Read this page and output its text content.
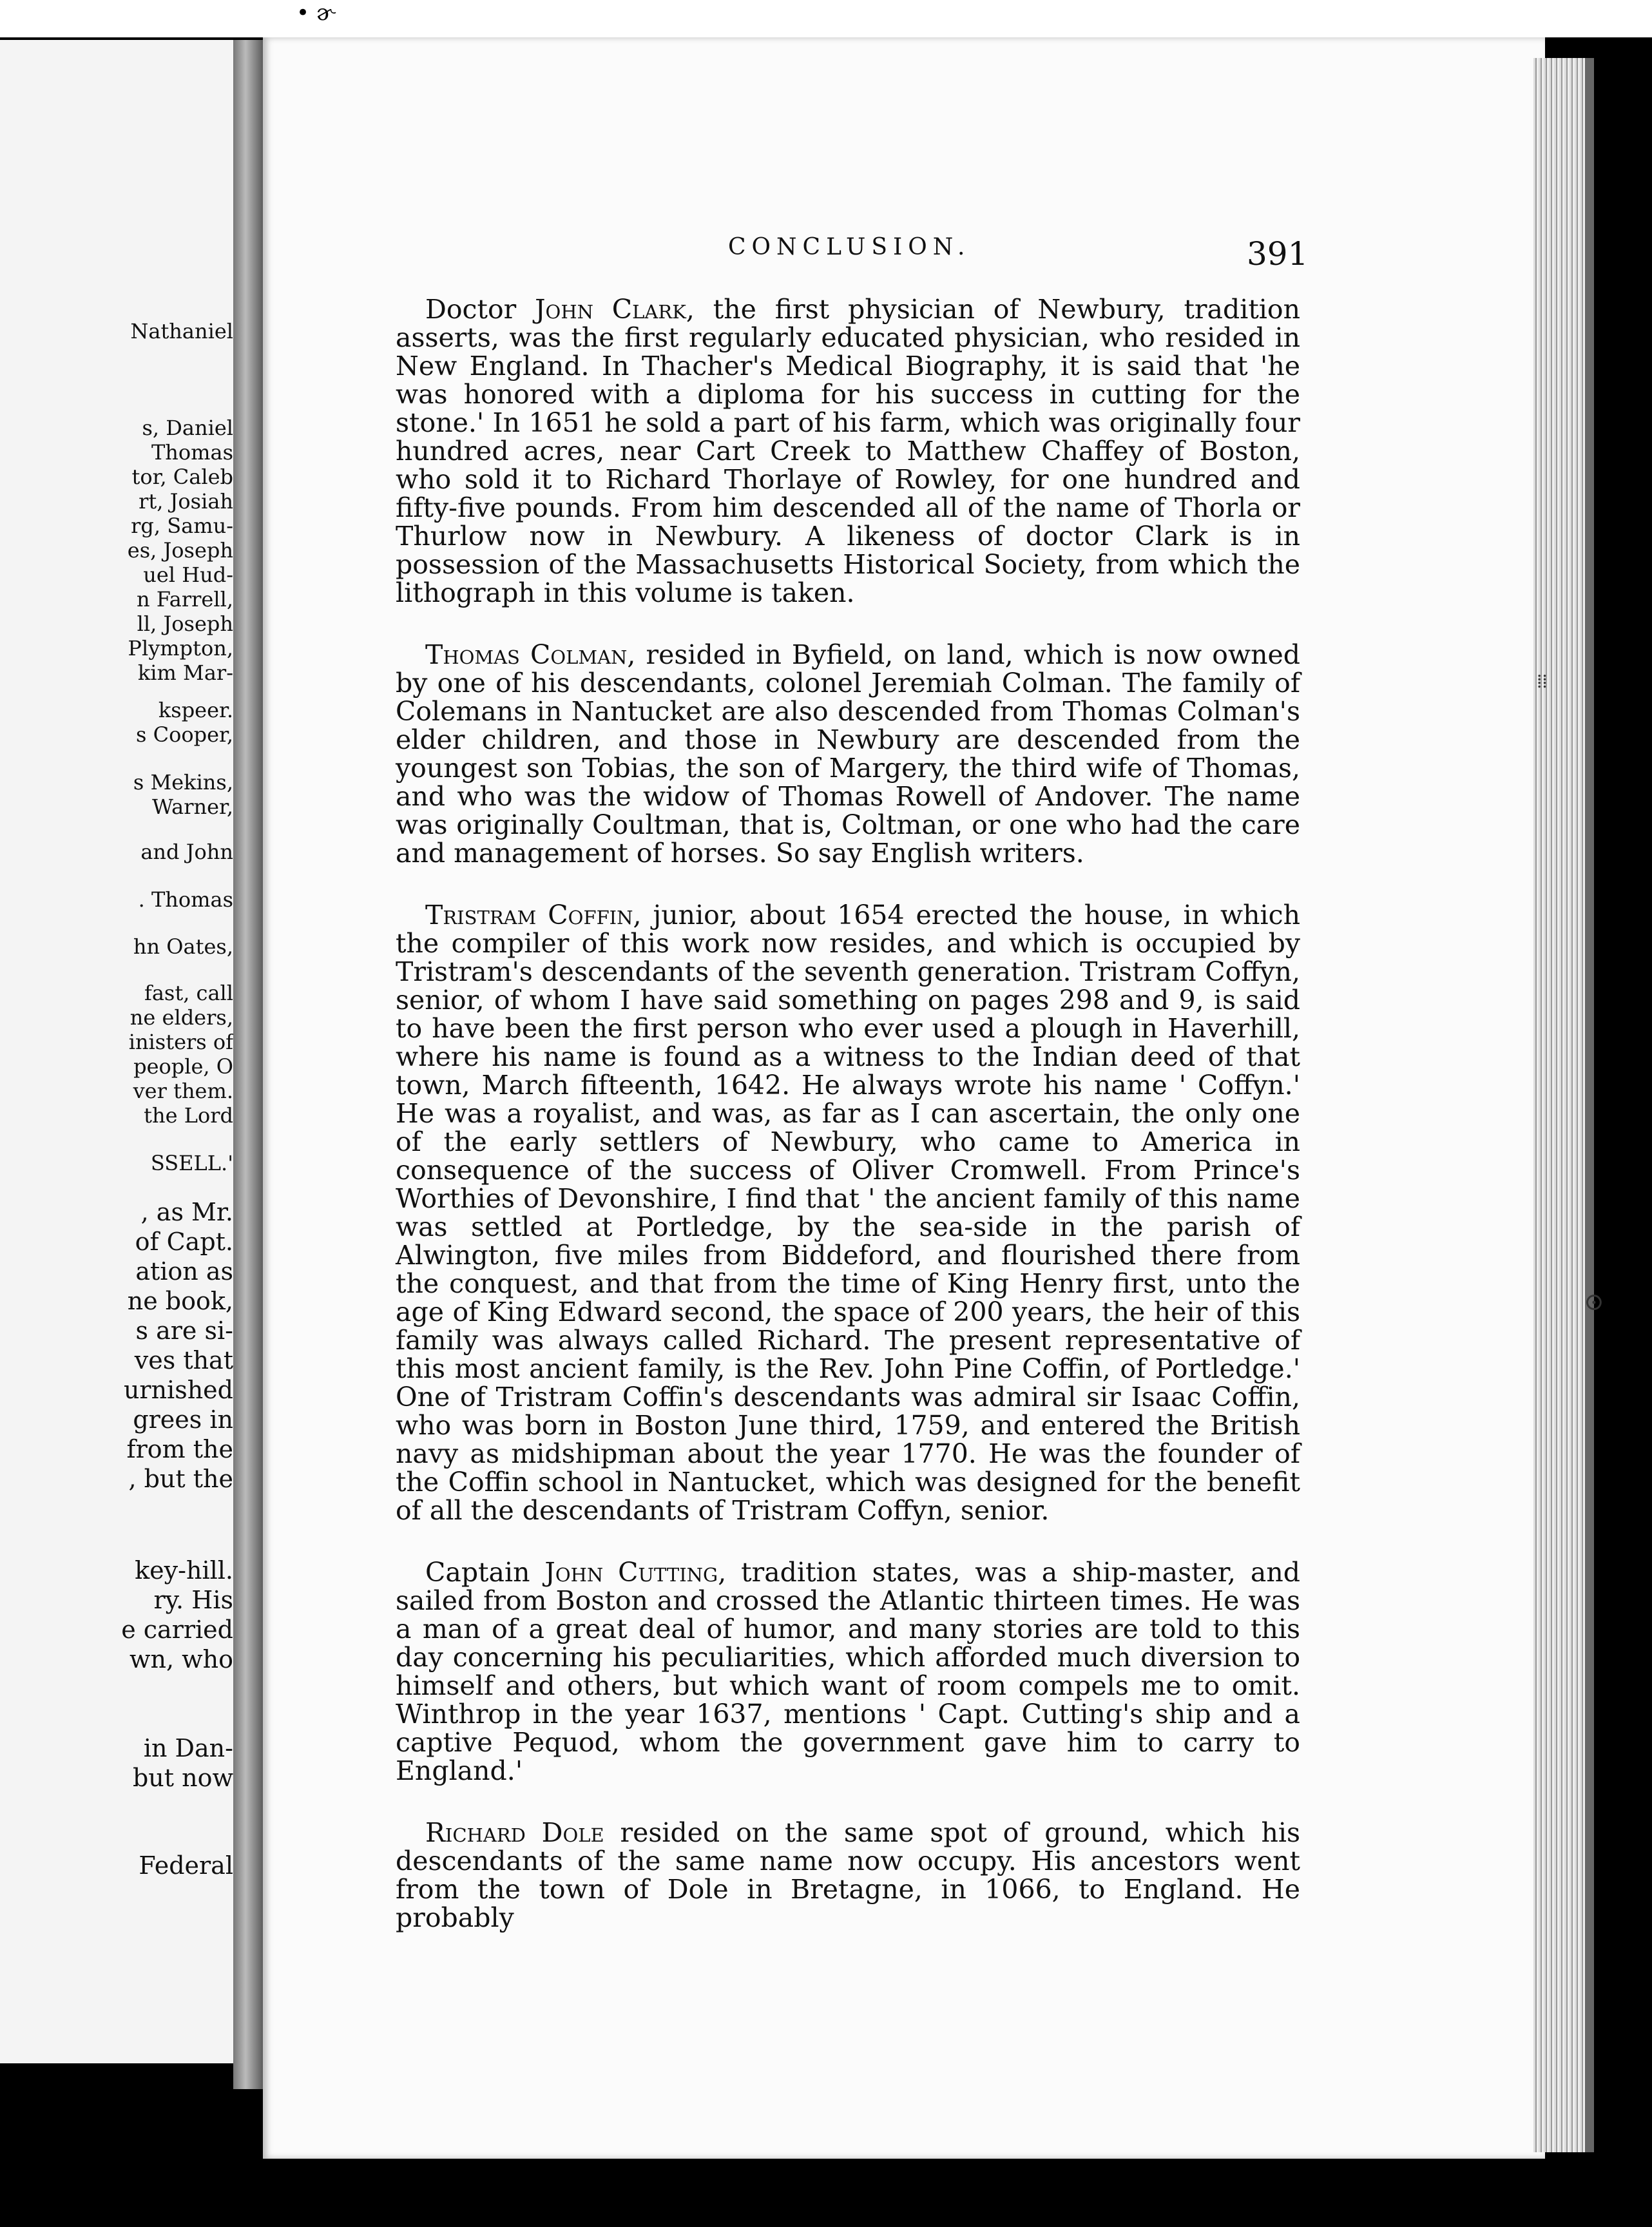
• ɚ
Nathaniel
s, Daniel
Thomas
tor, Caleb
rt, Josiah
rg, Samu-
es, Joseph
uel Hud-
n Farrell,
ll, Joseph
Plympton,
kim Mar-
kspeer.
s Cooper,
s Mekins,
Warner,
and John
. Thomas
hn Oates,
fast, call
ne elders,
inisters of
people, O
ver them.
the Lord
SSELL.'
, as Mr.
of Capt.
ation as
ne book,
s are si-
ves that
urnished
grees in
from the
, but the
key-hill.
ry. His
e carried
wn, who
in Dan-
but now
Federal
CONCLUSION.	391

Doctor John Clark, the first physician of Newbury, tradition asserts, was the first regularly educated physician, who resided in New England. In Thacher's Medical Biography, it is said that 'he was honored with a diploma for his success in cutting for the stone.' In 1651 he sold a part of his farm, which was originally four hundred acres, near Cart Creek to Matthew Chaffey of Boston, who sold it to Richard Thorlaye of Rowley, for one hundred and fifty-five pounds. From him descended all of the name of Thorla or Thurlow now in Newbury. A likeness of doctor Clark is in possession of the Massachusetts Historical Society, from which the lithograph in this volume is taken.

Thomas Colman, resided in Byfield, on land, which is now owned by one of his descendants, colonel Jeremiah Colman. The family of Colemans in Nantucket are also descended from Thomas Colman's elder children, and those in Newbury are descended from the youngest son Tobias, the son of Margery, the third wife of Thomas, and who was the widow of Thomas Rowell of Andover. The name was originally Coultman, that is, Coltman, or one who had the care and management of horses. So say English writers.

Tristram Coffin, junior, about 1654 erected the house, in which the compiler of this work now resides, and which is occupied by Tristram's descendants of the seventh generation. Tristram Coffyn, senior, of whom I have said something on pages 298 and 9, is said to have been the first person who ever used a plough in Haverhill, where his name is found as a witness to the Indian deed of that town, March fifteenth, 1642. He always wrote his name ' Coffyn.' He was a royalist, and was, as far as I can ascertain, the only one of the early settlers of Newbury, who came to America in consequence of the success of Oliver Cromwell. From Prince's Worthies of Devonshire, I find that ' the ancient family of this name was settled at Portledge, by the sea-side in the parish of Alwington, five miles from Biddeford, and flourished there from the conquest, and that from the time of King Henry first, unto the age of King Edward second, the space of 200 years, the heir of this family was always called Richard. The present representative of this most ancient family, is the Rev. John Pine Coffin, of Portledge.' One of Tristram Coffin's descendants was admiral sir Isaac Coffin, who was born in Boston June third, 1759, and entered the British navy as midshipman about the year 1770. He was the founder of the Coffin school in Nantucket, which was designed for the benefit of all the descendants of Tristram Coffyn, senior.

Captain John Cutting, tradition states, was a ship-master, and sailed from Boston and crossed the Atlantic thirteen times. He was a man of a great deal of humor, and many stories are told to this day concerning his peculiarities, which afforded much diversion to himself and others, but which want of room compels me to omit. Winthrop in the year 1637, mentions ' Capt. Cutting's ship and a captive Pequod, whom the government gave him to carry to England.'

Richard Dole resided on the same spot of ground, which his descendants of the same name now occupy. His ancestors went from the town of Dole in Bretagne, in 1066, to England. He probably

⁞⁞
⊙
